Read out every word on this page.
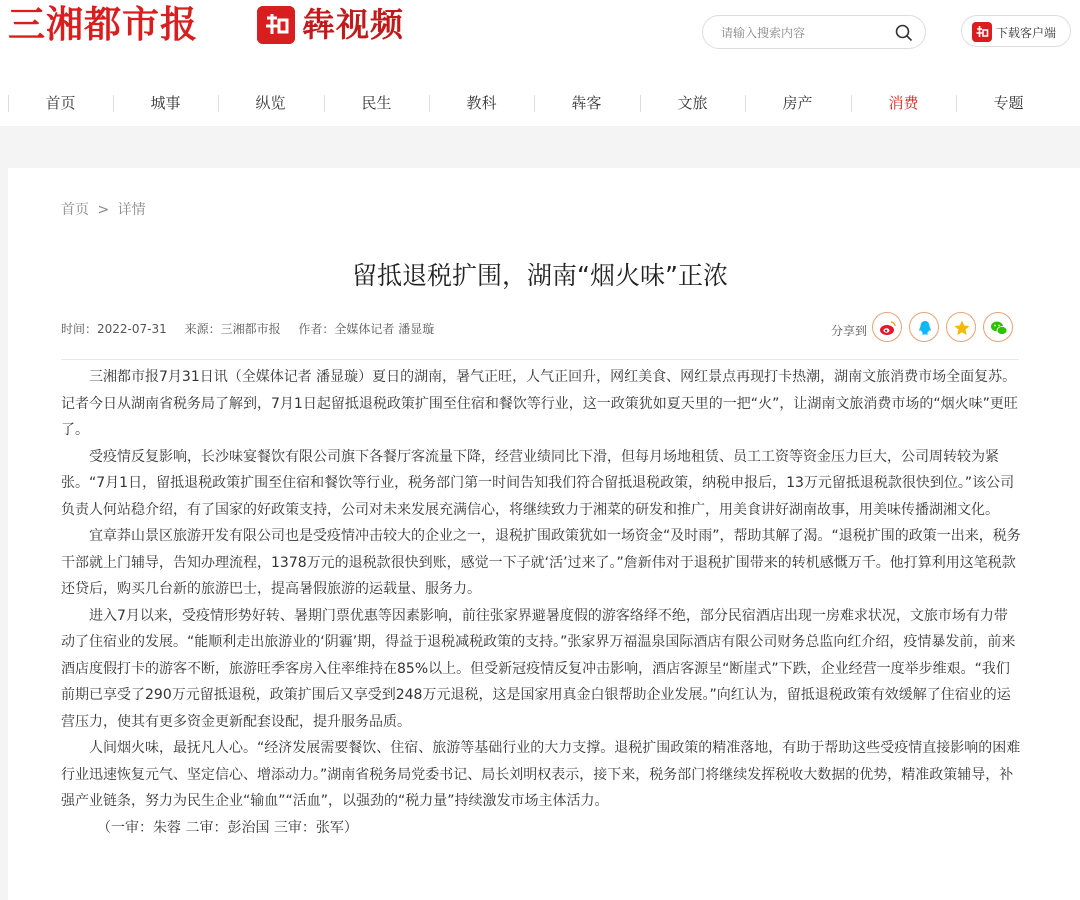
三湘都市报	犇视频
请输入搜索内容	下载客户端
首页	城事	纵览	民生	教科	犇客	文旅	房产	消费	专题
首页 > 详情
留抵退税扩围，湖南“烟火味”正浓
时间：2022-07-31 来源：三湘都市报 作者：全媒体记者 潘显璇	分享到

三湘都市报7月31日讯（全媒体记者 潘显璇）夏日的湖南，暑气正旺，人气正回升，网红美食、网红景点再现打卡热潮，湖南文旅消费市场全面复苏。记者今日从湖南省税务局了解到，7月1日起留抵退税政策扩围至住宿和餐饮等行业，这一政策犹如夏天里的一把“火”，让湖南文旅消费市场的“烟火味”更旺了。

受疫情反复影响，长沙味宴餐饮有限公司旗下各餐厅客流量下降，经营业绩同比下滑，但每月场地租赁、员工工资等资金压力巨大，公司周转较为紧张。“7月1日，留抵退税政策扩围至住宿和餐饮等行业，税务部门第一时间告知我们符合留抵退税政策，纳税申报后，13万元留抵退税款很快到位。”该公司负责人何站稳介绍，有了国家的好政策支持，公司对未来发展充满信心，将继续致力于湘菜的研发和推广，用美食讲好湖南故事，用美味传播湖湘文化。

宜章莽山景区旅游开发有限公司也是受疫情冲击较大的企业之一，退税扩围政策犹如一场资金“及时雨”，帮助其解了渴。“退税扩围的政策一出来，税务干部就上门辅导，告知办理流程，1378万元的退税款很快到账，感觉一下子就‘活’过来了。”詹新伟对于退税扩围带来的转机感慨万千。他打算利用这笔税款还贷后，购买几台新的旅游巴士，提高暑假旅游的运载量、服务力。

进入7月以来，受疫情形势好转、暑期门票优惠等因素影响，前往张家界避暑度假的游客络绎不绝，部分民宿酒店出现一房难求状况，文旅市场有力带动了住宿业的发展。“能顺利走出旅游业的‘阴霾’期，得益于退税减税政策的支持。”张家界万福温泉国际酒店有限公司财务总监向红介绍，疫情暴发前，前来酒店度假打卡的游客不断，旅游旺季客房入住率维持在85%以上。但受新冠疫情反复冲击影响，酒店客源呈“断崖式”下跌，企业经营一度举步维艰。“我们前期已享受了290万元留抵退税，政策扩围后又享受到248万元退税，这是国家用真金白银帮助企业发展。”向红认为，留抵退税政策有效缓解了住宿业的运营压力，使其有更多资金更新配套设配，提升服务品质。

人间烟火味，最抚凡人心。“经济发展需要餐饮、住宿、旅游等基础行业的大力支撑。退税扩围政策的精准落地，有助于帮助这些受疫情直接影响的困难行业迅速恢复元气、坚定信心、增添动力。”湖南省税务局党委书记、局长刘明权表示，接下来，税务部门将继续发挥税收大数据的优势，精准政策辅导，补强产业链条，努力为民生企业“输血”“活血”，以强劲的“税力量”持续激发市场主体活力。

（一审：朱蓉 二审：彭治国 三审：张军）
